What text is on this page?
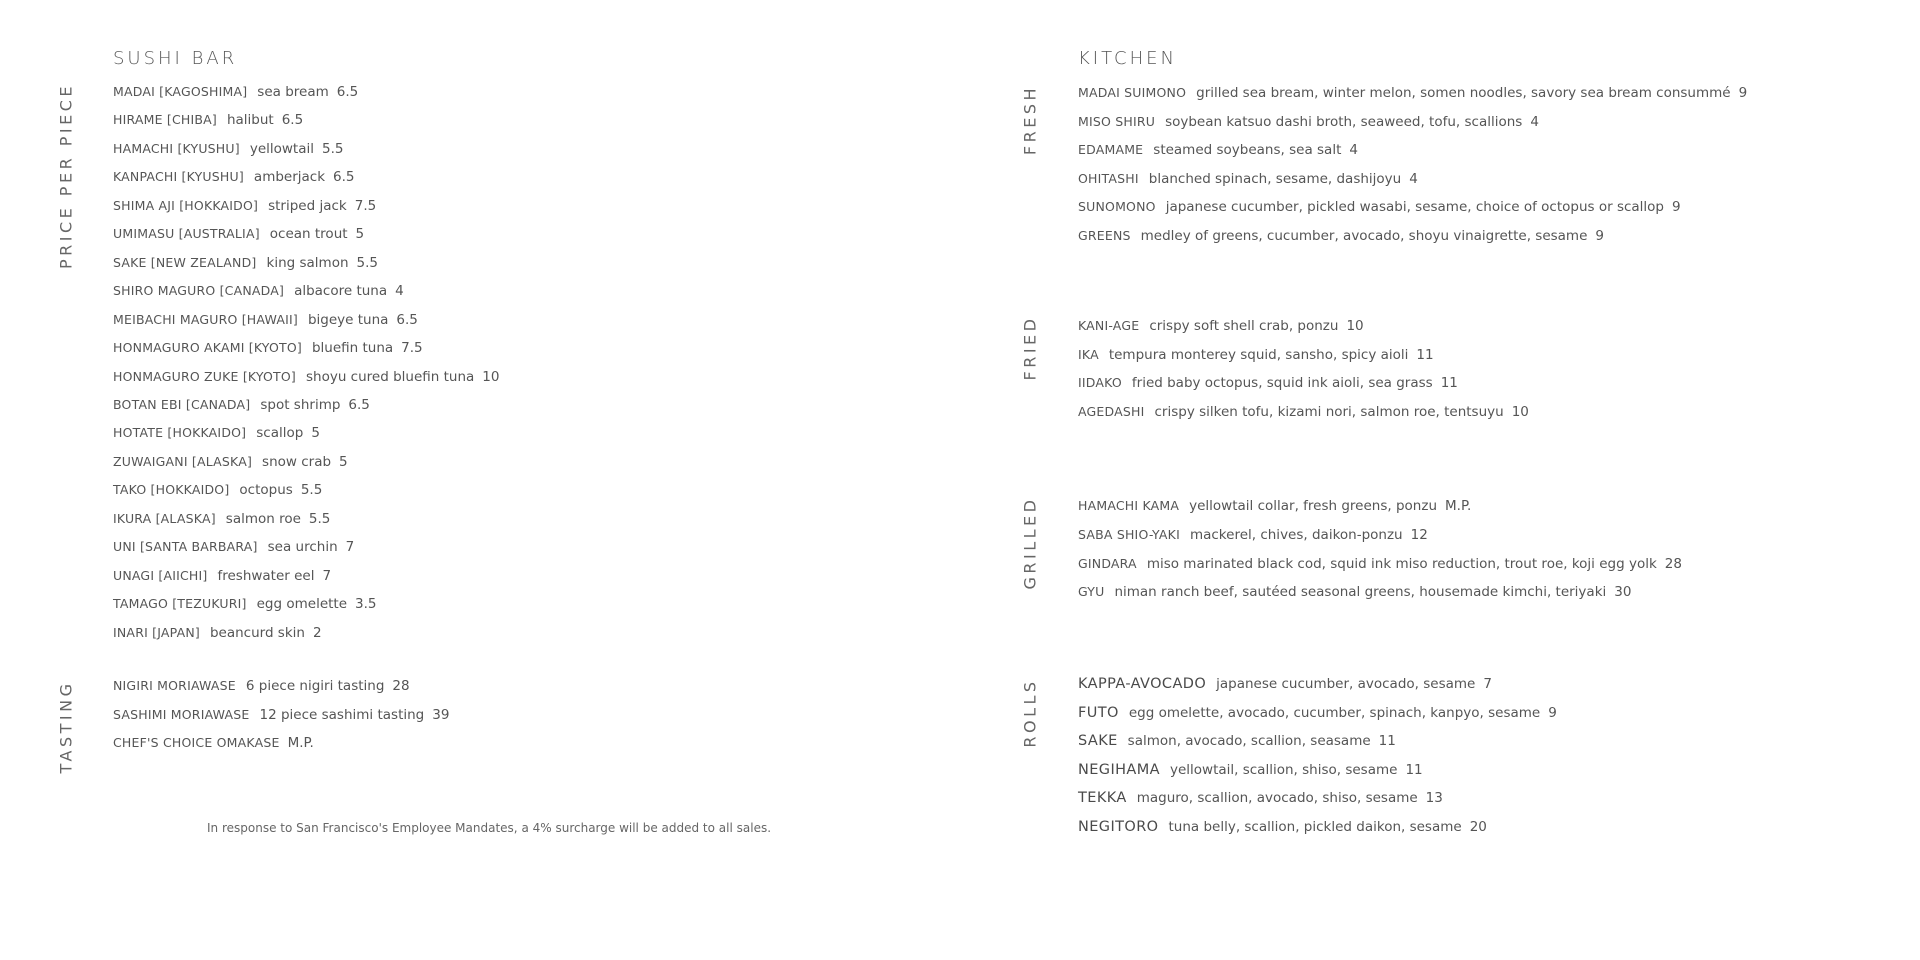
SUSHI BAR
PRICE PER PIECE	MADAI [KAGOSHIMA] sea bream 6.5
HIRAME [CHIBA] halibut 6.5
HAMACHI [KYUSHU] yellowtail 5.5
KANPACHI [KYUSHU] amberjack 6.5
SHIMA AJI [HOKKAIDO] striped jack 7.5
UMIMASU [AUSTRALIA] ocean trout 5
SAKE [NEW ZEALAND] king salmon 5.5
SHIRO MAGURO [CANADA] albacore tuna 4
MEIBACHI MAGURO [HAWAII] bigeye tuna 6.5
HONMAGURO AKAMI [KYOTO] bluefin tuna 7.5
HONMAGURO ZUKE [KYOTO] shoyu cured bluefin tuna 10
BOTAN EBI [CANADA] spot shrimp 6.5
HOTATE [HOKKAIDO] scallop 5
ZUWAIGANI [ALASKA] snow crab 5
TAKO [HOKKAIDO] octopus 5.5
IKURA [ALASKA] salmon roe 5.5
UNI [SANTA BARBARA] sea urchin 7
UNAGI [AIICHI] freshwater eel 7
TAMAGO [TEZUKURI] egg omelette 3.5
INARI [JAPAN] beancurd skin 2
TASTING	NIGIRI MORIAWASE 6 piece nigiri tasting 28
SASHIMI MORIAWASE 12 piece sashimi tasting 39
CHEF'S CHOICE OMAKASE M.P.

In response to San Francisco's Employee Mandates, a 4% surcharge will be added to all sales.

KITCHEN
FRESH	MADAI SUIMONO grilled sea bream, winter melon, somen noodles, savory sea bream consummé 9
MISO SHIRU soybean katsuo dashi broth, seaweed, tofu, scallions 4
EDAMAME steamed soybeans, sea salt 4
OHITASHI blanched spinach, sesame, dashijoyu 4
SUNOMONO japanese cucumber, pickled wasabi, sesame, choice of octopus or scallop 9
GREENS medley of greens, cucumber, avocado, shoyu vinaigrette, sesame 9
FRIED	KANI-AGE crispy soft shell crab, ponzu 10
IKA tempura monterey squid, sansho, spicy aioli 11
IIDAKO fried baby octopus, squid ink aioli, sea grass 11
AGEDASHI crispy silken tofu, kizami nori, salmon roe, tentsuyu 10
GRILLED	HAMACHI KAMA yellowtail collar, fresh greens, ponzu M.P.
SABA SHIO-YAKI mackerel, chives, daikon-ponzu 12
GINDARA miso marinated black cod, squid ink miso reduction, trout roe, koji egg yolk 28
GYU niman ranch beef, sautéed seasonal greens, housemade kimchi, teriyaki 30
ROLLS	KAPPA-AVOCADO japanese cucumber, avocado, sesame 7
FUTO egg omelette, avocado, cucumber, spinach, kanpyo, sesame 9
SAKE salmon, avocado, scallion, seasame 11
NEGIHAMA yellowtail, scallion, shiso, sesame 11
TEKKA maguro, scallion, avocado, shiso, sesame 13
NEGITORO tuna belly, scallion, pickled daikon, sesame 20
